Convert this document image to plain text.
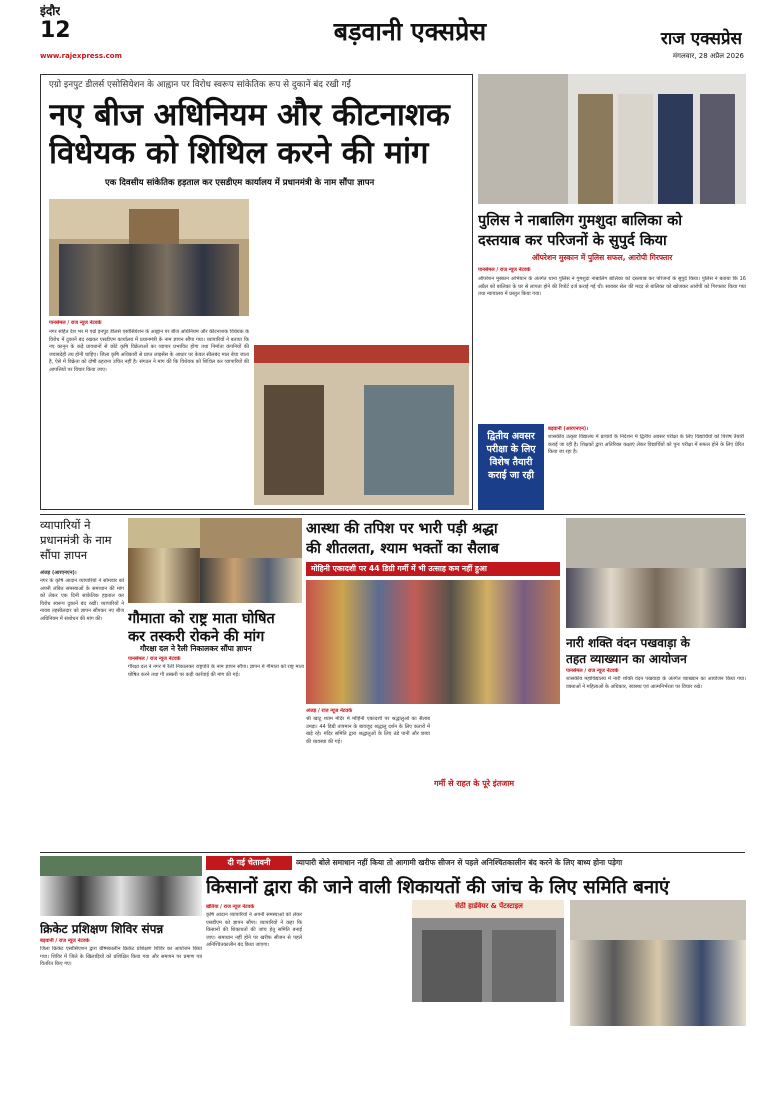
इंदौर
12	बड़वानी एक्सप्रेस	राज एक्सप्रेस
मंगलवार, 28 अप्रैल 2026
www.rajexpress.com
एग्रो इनपुट डीलर्स एसोसियेशन के आह्वान पर विरोध स्वरूप सांकेतिक रूप से दुकानें बंद रखी गईं
नए बीज अधिनियम और कीटनाशक
विधेयक को शिथिल करने की मांग
एक दिवसीय सांकेतिक हड़ताल कर एसडीएम कार्यालय में प्रधानमंत्री के नाम सौंपा ज्ञापन
पानसेमल / राज न्यूज नेटवर्क
नगर सहित देश भर में एग्रो इनपुट डीलर्स एसोसियेशन के आह्वान पर बीज अधिनियम और कीटनाशक विधेयक के विरोध में दुकानें बंद रखकर एसडीएम कार्यालय में प्रधानमंत्री के नाम ज्ञापन सौंपा गया। व्यापारियों ने बताया कि नए कानून के कड़े प्रावधानों से छोटे कृषि विक्रेताओं का व्यापार प्रभावित होगा तथा निर्माता कंपनियों की जवाबदेही तय होनी चाहिए। जिला कृषि अधिकारी से प्राप्त लाइसेंस के आधार पर केवल सीलबंद माल बेचा जाता है, ऐसे में विक्रेता को दोषी ठहराना उचित नहीं है। संगठन ने मांग की कि विधेयक को शिथिल कर व्यापारियों की आपत्तियों पर विचार किया जाए।
पुलिस ने नाबालिग गुमशुदा बालिका को
दस्तयाब कर परिजनों के सुपुर्द किया
ऑपरेशन मुस्कान में पुलिस सफल, आरोपी गिरफ्तार
पानसेमल / राज न्यूज नेटवर्क
ऑपरेशन मुस्कान अभियान के अंतर्गत थाना पुलिस ने गुमशुदा नाबालिग बालिका को दस्तयाब कर परिजनों के सुपुर्द किया। पुलिस ने बताया कि 16 अप्रैल को बालिका के घर से लापता होने की रिपोर्ट दर्ज कराई गई थी। सायबर सेल की मदद से बालिका को खोजकर आरोपी को गिरफ्तार किया गया तथा न्यायालय में प्रस्तुत किया गया।
द्वितीय अवसर परीक्षा के लिए विशेष तैयारी कराई जा रही
बड़वानी (आरएनएन)।
शासकीय उत्कृष्ट विद्यालय में प्राचार्य के निर्देशन में द्वितीय अवसर परीक्षा के लिए विद्यार्थियों को विशेष तैयारी कराई जा रही है। शिक्षकों द्वारा अतिरिक्त कक्षाएं लेकर विद्यार्थियों को पुनः परीक्षा में सफल होने के लिए प्रेरित किया जा रहा है।
व्यापारियों ने प्रधानमंत्री के नाम सौंपा ज्ञापन
अंजड़ (आरएनएन)।
नगर के कृषि आदान व्यापारियों ने सोमवार को अपनी लंबित समस्याओं के समाधान की मांग को लेकर एक दिनी सांकेतिक हड़ताल कर विरोध स्वरूप दुकानें बंद रखीं। व्यापारियों ने नायब तहसीलदार को ज्ञापन सौंपकर नए बीज अधिनियम में संशोधन की मांग की।	गौमाता को राष्ट्र माता घोषित
कर तस्करी रोकने की मांग
गौरक्षा दल ने रैली निकालकर सौंपा ज्ञापन
पानसेमल / राज न्यूज नेटवर्क
गौरक्षा दल ने नगर में रैली निकालकर राष्ट्रपति के नाम ज्ञापन सौंपा। ज्ञापन में गौमाता को राष्ट्र माता घोषित करने तथा गौ तस्करी पर कड़ी कार्रवाई की मांग की गई।
आस्था की तपिश पर भारी पड़ी श्रद्धा
की शीतलता, श्याम भक्तों का सैलाब
मोहिनी एकादशी पर 44 डिग्री गर्मी में भी उत्साह कम नहीं हुआ
अंजड़ / राज न्यूज नेटवर्क
श्री खाटू श्याम मंदिर में मोहिनी एकादशी पर श्रद्धालुओं का सैलाब उमड़ा। 44 डिग्री तापमान के बावजूद श्रद्धालु दर्शन के लिए कतारों में खड़े रहे। मंदिर समिति द्वारा श्रद्धालुओं के लिए ठंडे पानी और छाया की व्यवस्था की गई।
गर्मी से राहत के पूरे इंतजाम
नारी शक्ति वंदन पखवाड़ा के
तहत व्याख्यान का आयोजन
पानसेमल / राज न्यूज नेटवर्क
शासकीय महाविद्यालय में नारी शक्ति वंदन पखवाड़ा के अंतर्गत व्याख्यान का आयोजन किया गया। वक्ताओं ने महिलाओं के अधिकार, स्वास्थ्य एवं आत्मनिर्भरता पर विचार रखे।
दी गई चेतावनी	व्यापारी बोले समाधान नहीं किया तो आगामी खरीफ सीजन से पहले अनिश्चितकालीन बंद करने के लिए बाध्य होना पड़ेगा
किसानों द्वारा की जाने वाली शिकायतों की जांच के लिए समिति बनाएं
खेतिया / राज न्यूज नेटवर्क
कृषि आदान व्यापारियों ने अपनी समस्याओं को लेकर एसडीएम को ज्ञापन सौंपा। व्यापारियों ने कहा कि किसानों की शिकायतों की जांच हेतु समिति बनाई जाए। समाधान नहीं होने पर खरीफ सीजन से पहले अनिश्चितकालीन बंद किया जाएगा।
सेठी हार्डवेयर & पेंटस्टाइल
क्रिकेट प्रशिक्षण शिविर संपन्न
बड़वानी / राज न्यूज नेटवर्क
जिला क्रिकेट एसोसिएशन द्वारा ग्रीष्मकालीन क्रिकेट प्रशिक्षण शिविर का आयोजन किया गया। शिविर में जिले के खिलाड़ियों को प्रशिक्षित किया गया और समापन पर प्रमाण पत्र वितरित किए गए।
